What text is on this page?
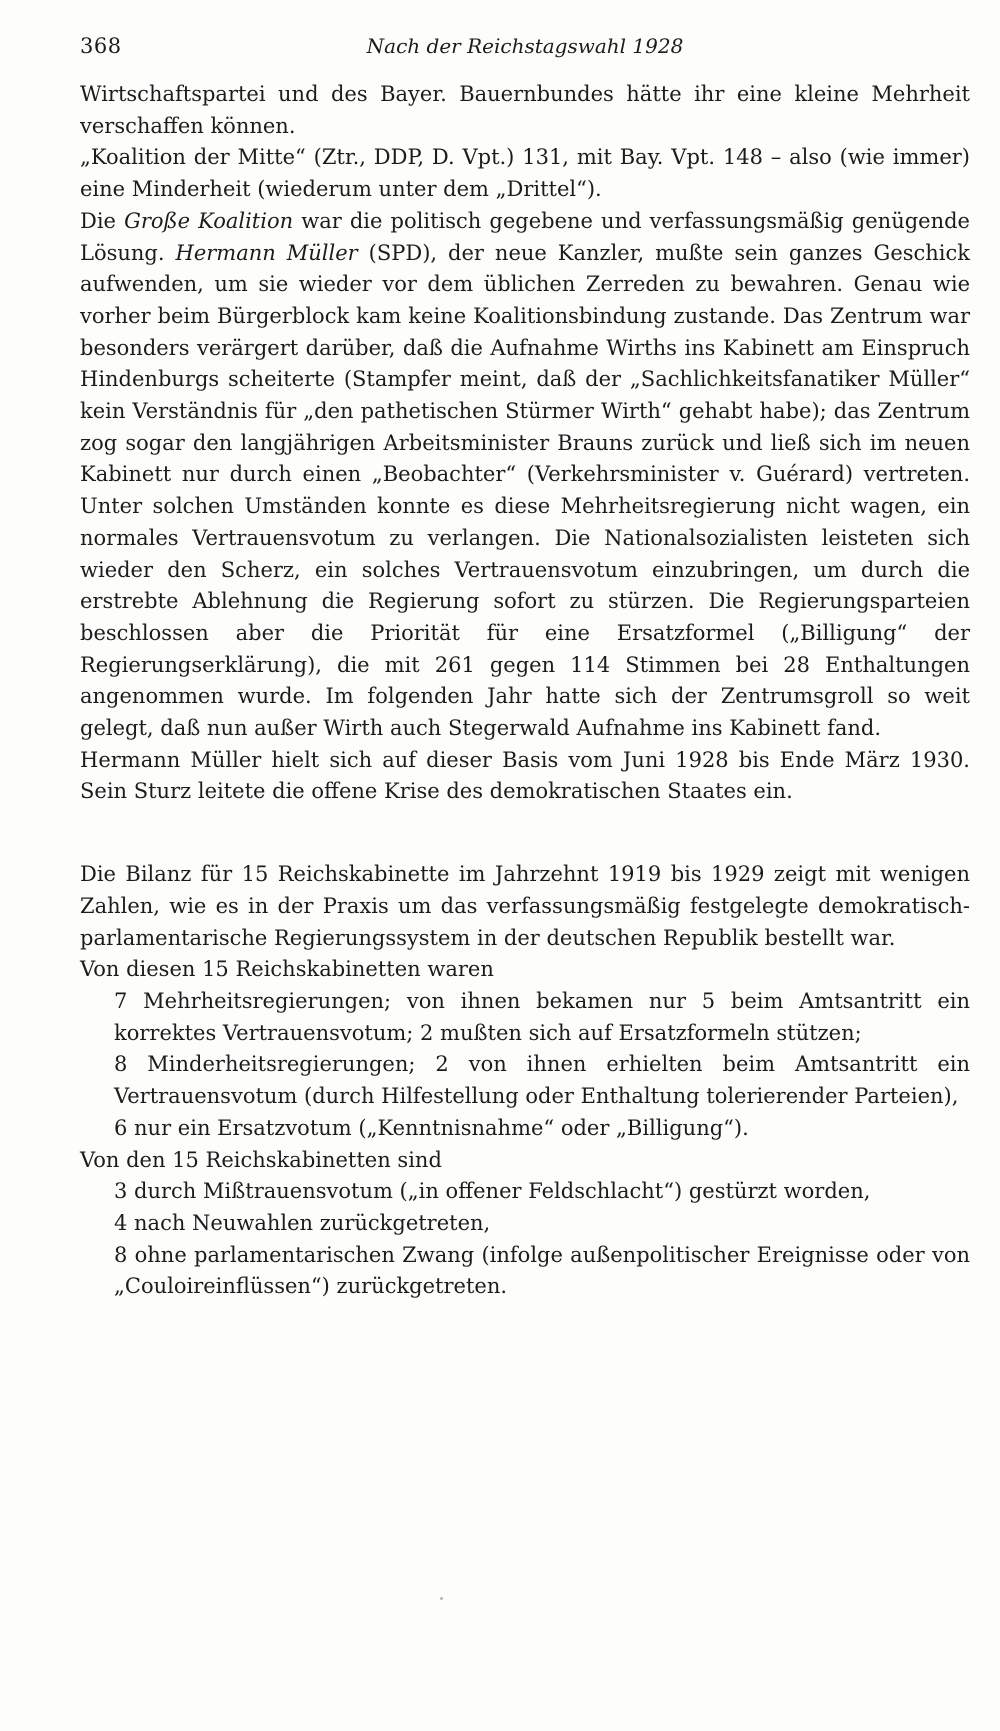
368	Nach der Reichstagswahl 1928

Wirtschaftspartei und des Bayer. Bauernbundes hätte ihr eine kleine Mehrheit verschaffen können.

„Koalition der Mitte“ (Ztr., DDP, D. Vpt.) 131, mit Bay. Vpt. 148 – also (wie immer) eine Minderheit (wiederum unter dem „Drittel“).

Die Große Koalition war die politisch gegebene und verfassungsmäßig genügende Lösung. Hermann Müller (SPD), der neue Kanzler, mußte sein ganzes Geschick aufwenden, um sie wieder vor dem üblichen Zerreden zu bewahren. Genau wie vorher beim Bürgerblock kam keine Koalitionsbindung zustande. Das Zentrum war besonders verärgert darüber, daß die Aufnahme Wirths ins Kabinett am Einspruch Hindenburgs scheiterte (Stampfer meint, daß der „Sachlichkeitsfanatiker Müller“ kein Verständnis für „den pathetischen Stürmer Wirth“ gehabt habe); das Zentrum zog sogar den langjährigen Arbeitsminister Brauns zurück und ließ sich im neuen Kabinett nur durch einen „Beobachter“ (Verkehrsminister v. Guérard) vertreten. Unter solchen Umständen konnte es diese Mehrheitsregierung nicht wagen, ein normales Vertrauensvotum zu verlangen. Die Nationalsozialisten leisteten sich wieder den Scherz, ein solches Vertrauensvotum einzubringen, um durch die erstrebte Ablehnung die Regierung sofort zu stürzen. Die Regierungsparteien beschlossen aber die Priorität für eine Ersatzformel („Billigung“ der Regierungserklärung), die mit 261 gegen 114 Stimmen bei 28 Enthaltungen angenommen wurde. Im folgenden Jahr hatte sich der Zentrumsgroll so weit gelegt, daß nun außer Wirth auch Stegerwald Aufnahme ins Kabinett fand.

Hermann Müller hielt sich auf dieser Basis vom Juni 1928 bis Ende März 1930. Sein Sturz leitete die offene Krise des demokratischen Staates ein.

Die Bilanz für 15 Reichskabinette im Jahrzehnt 1919 bis 1929 zeigt mit wenigen Zahlen, wie es in der Praxis um das verfassungsmäßig festgelegte demokratisch-parlamentarische Regierungssystem in der deutschen Republik bestellt war.

Von diesen 15 Reichskabinetten waren

7 Mehrheitsregierungen; von ihnen bekamen nur 5 beim Amtsantritt ein korrektes Vertrauensvotum; 2 mußten sich auf Ersatzformeln stützen;

8 Minderheitsregierungen; 2 von ihnen erhielten beim Amtsantritt ein Vertrauensvotum (durch Hilfestellung oder Enthaltung tolerierender Parteien),

6 nur ein Ersatzvotum („Kenntnisnahme“ oder „Billigung“).

Von den 15 Reichskabinetten sind

3 durch Mißtrauensvotum („in offener Feldschlacht“) gestürzt worden,

4 nach Neuwahlen zurückgetreten,

8 ohne parlamentarischen Zwang (infolge außenpolitischer Ereignisse oder von „Couloireinflüssen“) zurückgetreten.
